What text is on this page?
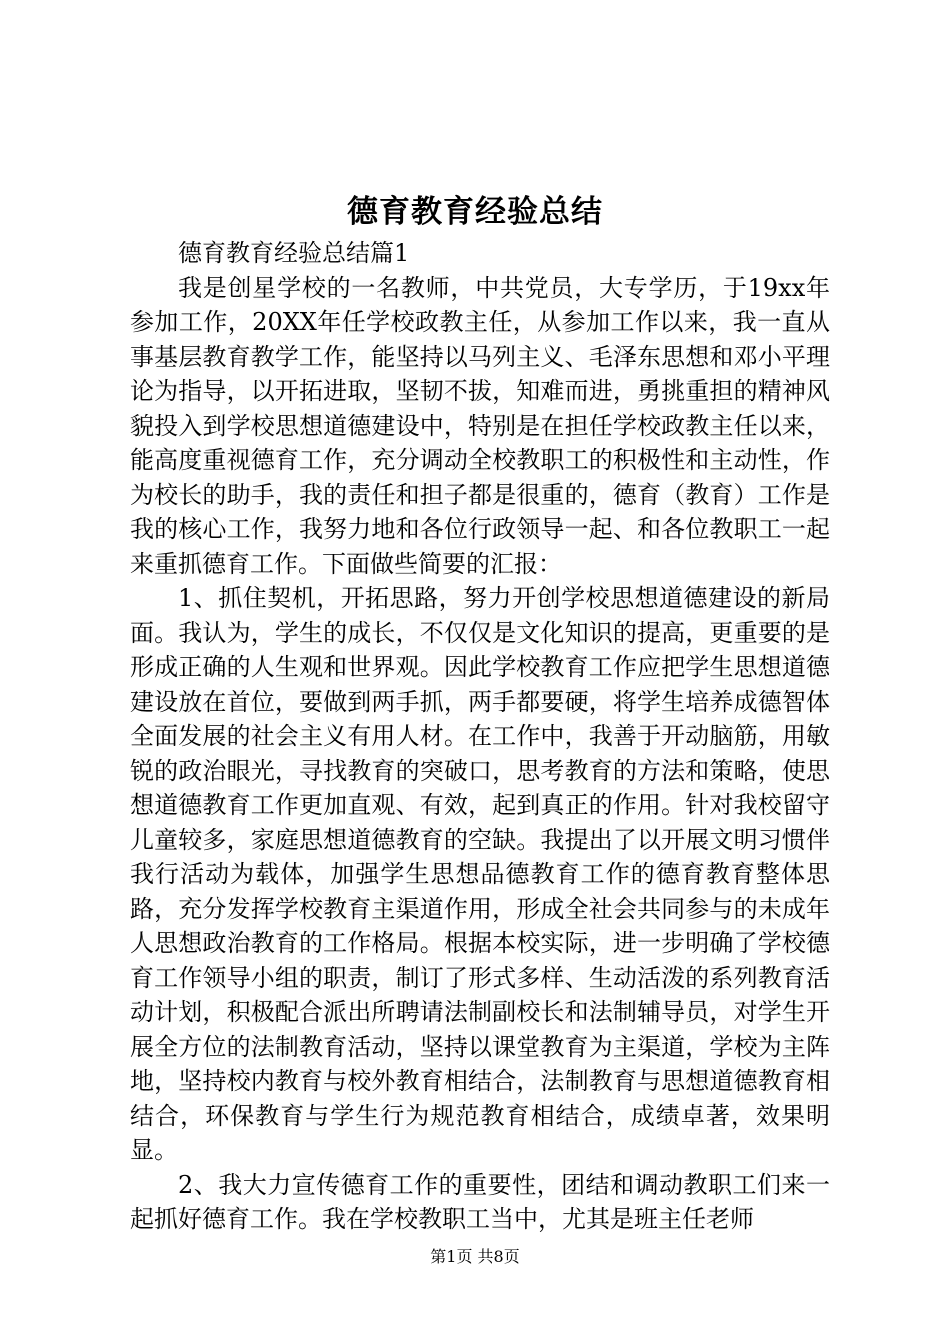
德育教育经验总结

德育教育经验总结篇1

我是创星学校的一名教师，中共党员，大专学历，于19xx年参加工作，20XX年任学校政教主任，从参加工作以来，我一直从事基层教育教学工作，能坚持以马列主义、毛泽东思想和邓小平理论为指导，以开拓进取，坚韧不拔，知难而进，勇挑重担的精神风貌投入到学校思想道德建设中，特别是在担任学校政教主任以来，能高度重视德育工作，充分调动全校教职工的积极性和主动性，作为校长的助手，我的责任和担子都是很重的，德育（教育）工作是我的核心工作，我努力地和各位行政领导一起、和各位教职工一起来重抓德育工作。下面做些简要的汇报：

1、抓住契机，开拓思路，努力开创学校思想道德建设的新局面。我认为，学生的成长，不仅仅是文化知识的提高，更重要的是形成正确的人生观和世界观。因此学校教育工作应把学生思想道德建设放在首位，要做到两手抓，两手都要硬，将学生培养成德智体全面发展的社会主义有用人材。在工作中，我善于开动脑筋，用敏锐的政治眼光，寻找教育的突破口，思考教育的方法和策略，使思想道德教育工作更加直观、有效，起到真正的作用。针对我校留守儿童较多，家庭思想道德教育的空缺。我提出了以开展文明习惯伴我行活动为载体，加强学生思想品德教育工作的德育教育整体思路，充分发挥学校教育主渠道作用，形成全社会共同参与的未成年人思想政治教育的工作格局。根据本校实际，进一步明确了学校德育工作领导小组的职责，制订了形式多样、生动活泼的系列教育活动计划，积极配合派出所聘请法制副校长和法制辅导员，对学生开展全方位的法制教育活动，坚持以课堂教育为主渠道，学校为主阵地，坚持校内教育与校外教育相结合，法制教育与思想道德教育相结合，环保教育与学生行为规范教育相结合，成绩卓著，效果明显。

2、我大力宣传德育工作的重要性，团结和调动教职工们来一起抓好德育工作。我在学校教职工当中，尤其是班主任老师

第1页 共8页
